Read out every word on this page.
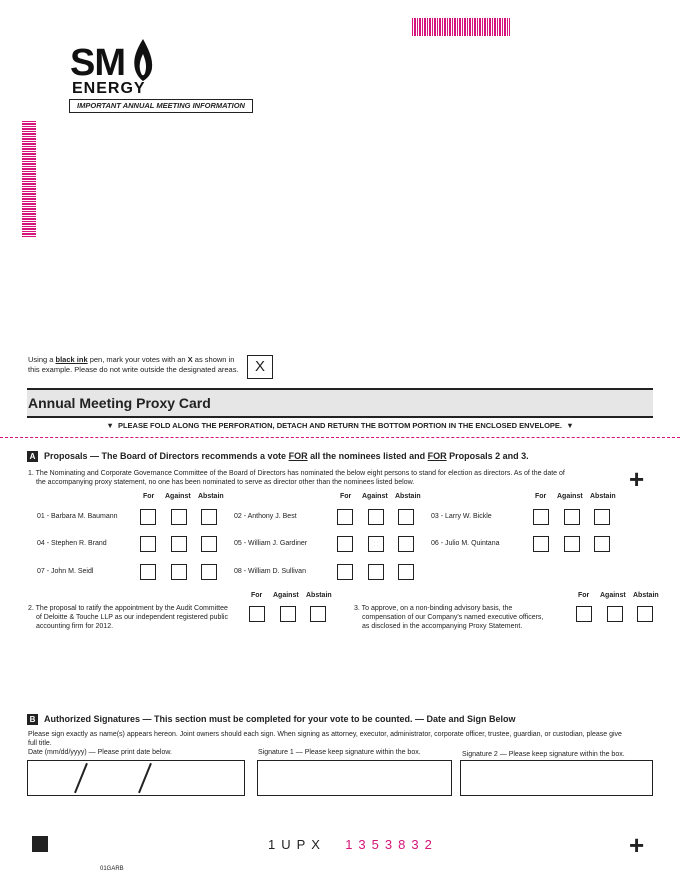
SM
ENERGY
IMPORTANT ANNUAL MEETING INFORMATION
Using a black ink pen, mark your votes with an X as shown in
this example. Please do not write outside the designated areas.	X
Annual Meeting Proxy Card
▼ PLEASE FOLD ALONG THE PERFORATION, DETACH AND RETURN THE BOTTOM PORTION IN THE ENCLOSED ENVELOPE. ▼
A Proposals — The Board of Directors recommends a vote FOR all the nominees listed and FOR Proposals 2 and 3.
1. The Nominating and Corporate Governance Committee of the Board of Directors has nominated the below eight persons to stand for election as directors. As of the date of
the accompanying proxy statement, no one has been nominated to serve as director other than the nominees listed below.	+
For Against Abstain	For Against Abstain	For Against Abstain
01 - Barbara M. Baumann	02 - Anthony J. Best	03 - Larry W. Bickle
04 - Stephen R. Brand	05 - William J. Gardiner	06 - Julio M. Quintana
07 - John M. Seidl	08 - William D. Sullivan
For Against Abstain
2. The proposal to ratify the appointment by the Audit Committee
of Deloitte & Touche LLP as our independent registered public
accounting firm for 2012.
For Against Abstain
3. To approve, on a non-binding advisory basis, the
compensation of our Company's named executive officers,
as disclosed in the accompanying Proxy Statement.
B Authorized Signatures — This section must be completed for your vote to be counted. — Date and Sign Below
Please sign exactly as name(s) appears hereon. Joint owners should each sign. When signing as attorney, executor, administrator, corporate officer, trustee, guardian, or custodian, please give
full title.
Date (mm/dd/yyyy) — Please print date below.	Signature 1 — Please keep signature within the box.	Signature 2 — Please keep signature within the box.
1UPX 1353832	+
01GARB
